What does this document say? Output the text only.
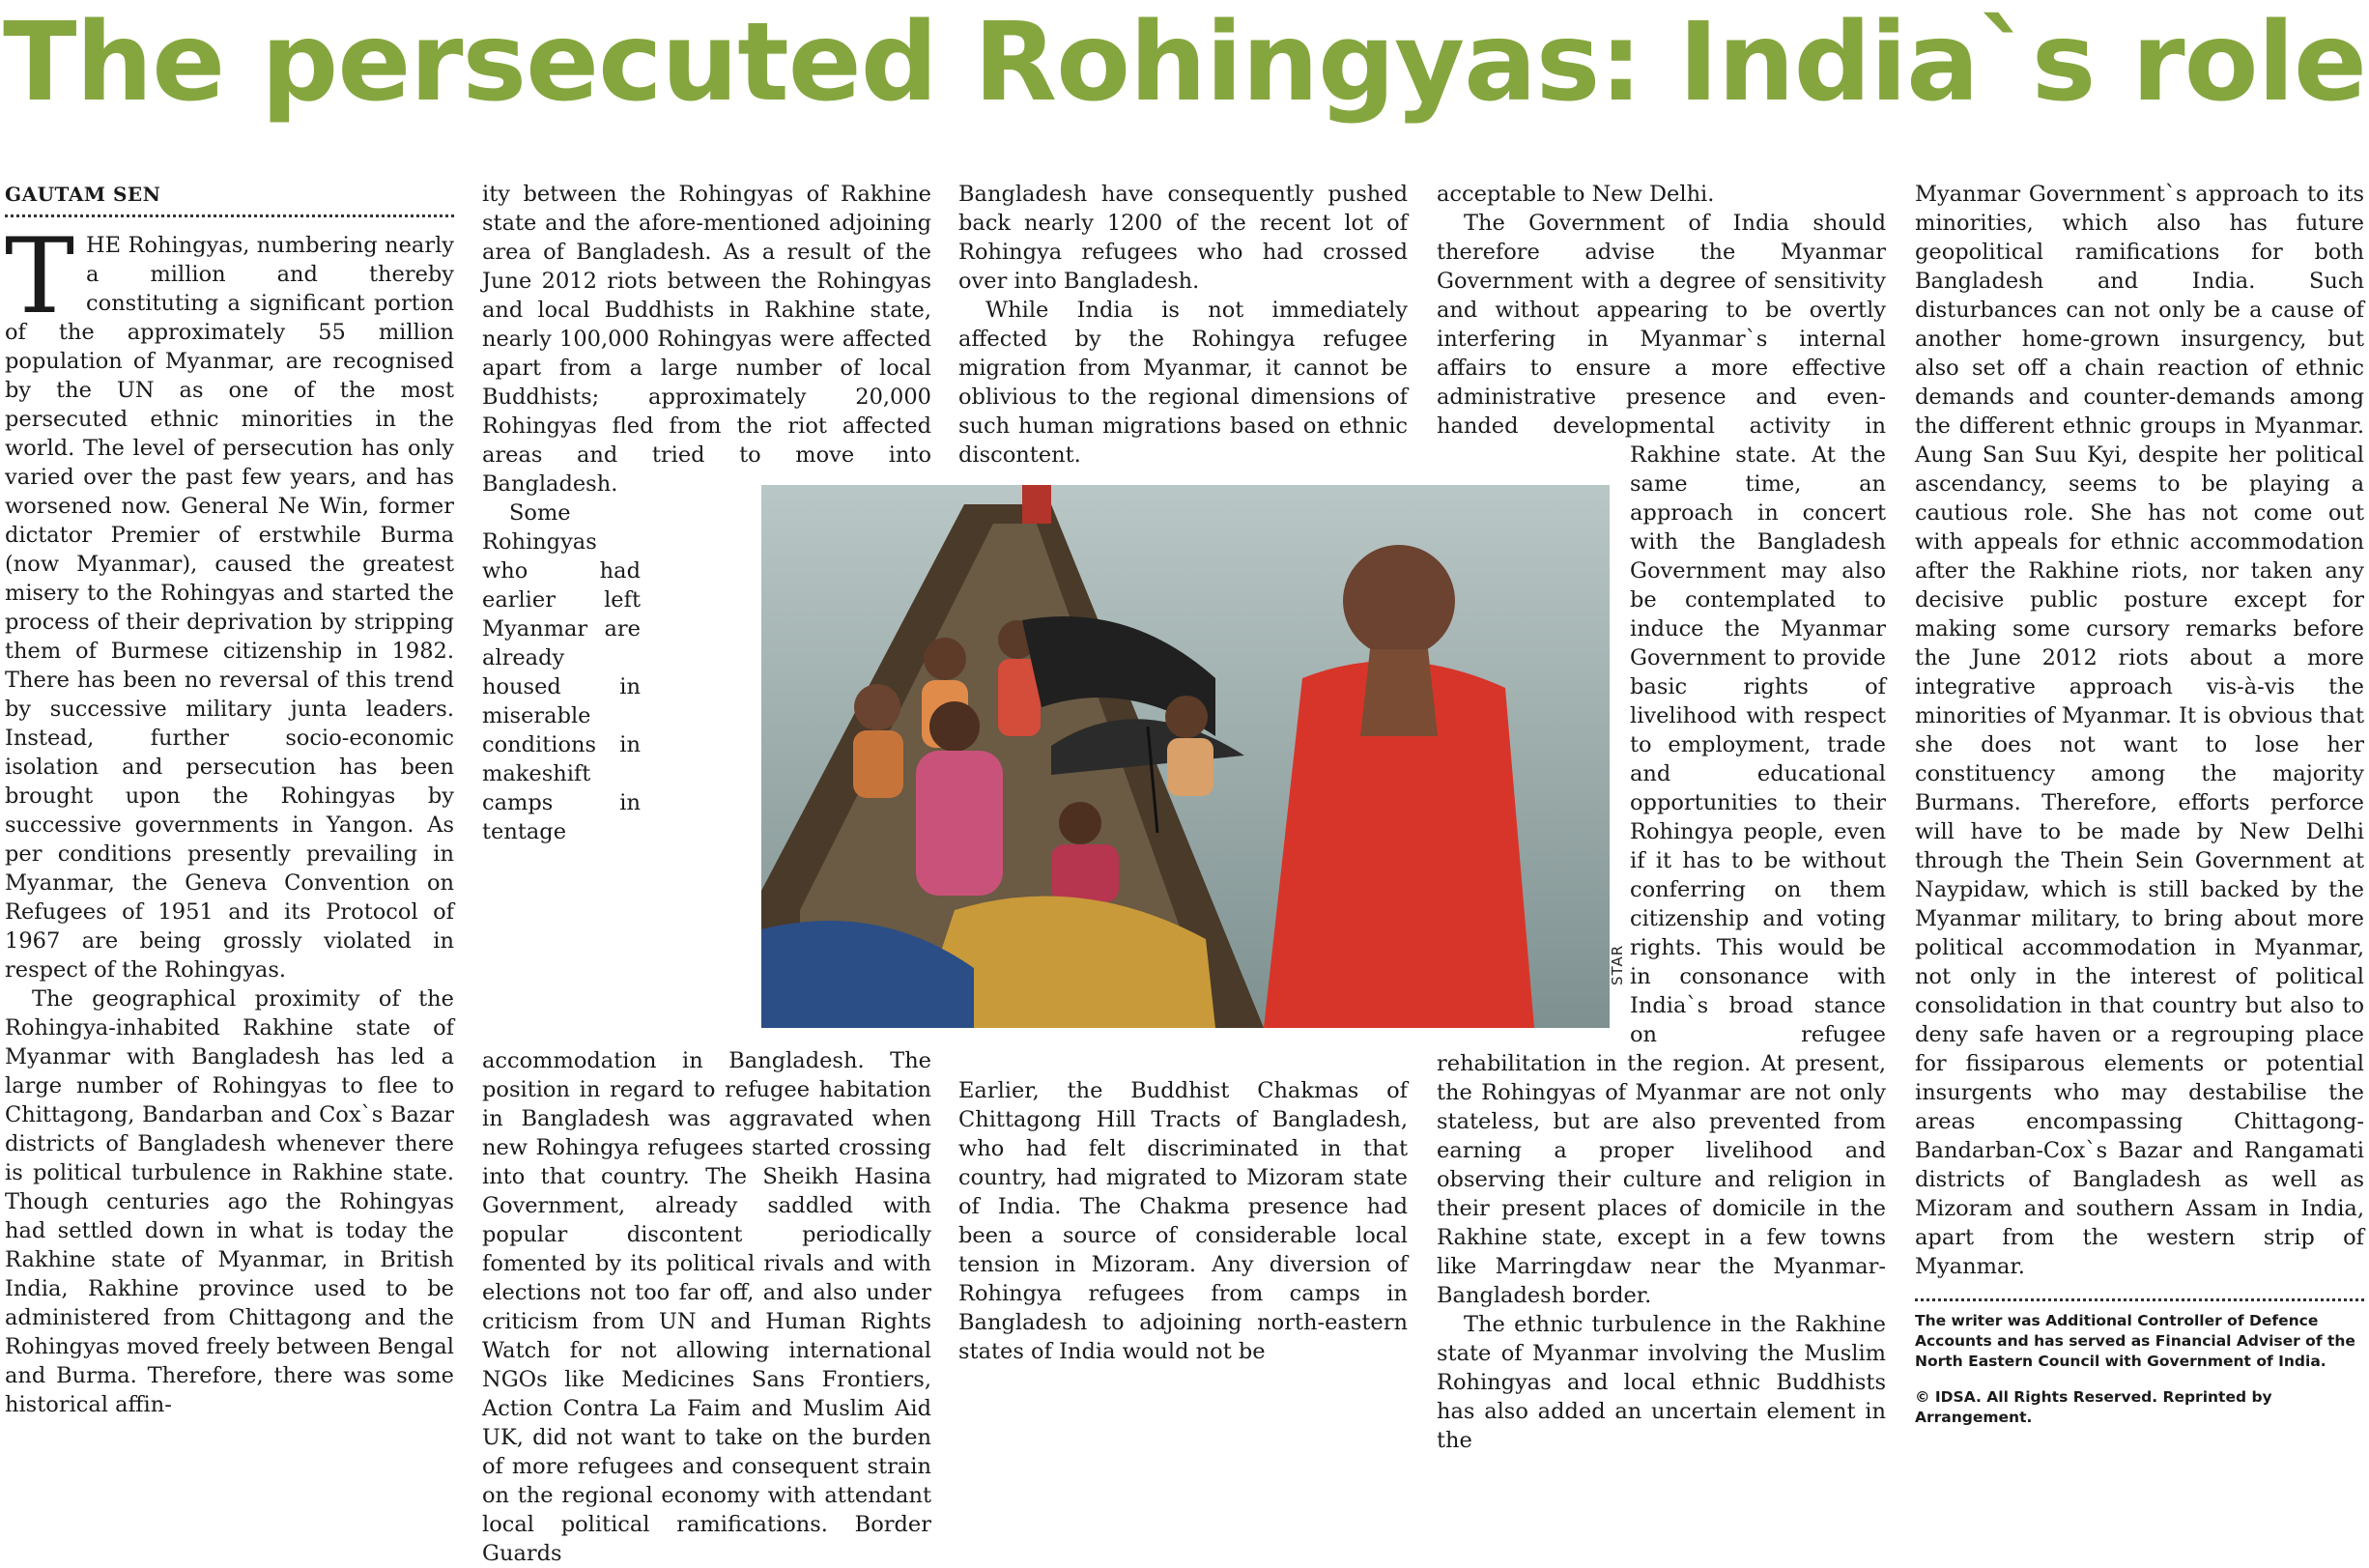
The persecuted Rohingyas: India`s role
GAUTAM SEN

THE Rohingyas, numbering nearly a million and thereby constituting a significant portion of the approximately 55 million population of Myanmar, are recognised by the UN as one of the most persecuted ethnic minorities in the world. The level of persecution has only varied over the past few years, and has worsened now. General Ne Win, former dictator Premier of erstwhile Burma (now Myanmar), caused the greatest misery to the Rohingyas and started the process of their deprivation by stripping them of Burmese citizenship in 1982. There has been no reversal of this trend by successive military junta leaders. Instead, further socio-economic isolation and persecution has been brought upon the Rohingyas by successive governments in Yangon. As per conditions presently prevailing in Myanmar, the Geneva Convention on Refugees of 1951 and its Protocol of 1967 are being grossly violated in respect of the Rohingyas.

The geographical proximity of the Rohingya-inhabited Rakhine state of Myanmar with Bangladesh has led a large number of Rohingyas to flee to Chittagong, Bandarban and Cox`s Bazar districts of Bangladesh whenever there is political turbulence in Rakhine state. Though centuries ago the Rohingyas had settled down in what is today the Rakhine state of Myanmar, in British India, Rakhine province used to be administered from Chittagong and the Rohingyas moved freely between Bengal and Burma. Therefore, there was some historical affin-

ity between the Rohingyas of Rakhine state and the afore-mentioned adjoining area of Bangladesh. As a result of the June 2012 riots between the Rohingyas and local Buddhists in Rakhine state, nearly 100,000 Rohingyas were affected apart from a large number of local Buddhists; approximately 20,000 Rohingyas fled from the riot affected areas and tried to move into Bangladesh.

Some Rohingyas who had earlier left Myanmar are already housed in miserable conditions in makeshift camps in tentage accommodation in Bangladesh. The position in regard to refugee habitation in Bangladesh was aggravated when new Rohingya refugees started crossing into that country. The Sheikh Hasina Government, already saddled with popular discontent periodically fomented by its political rivals and with elections not too far off, and also under criticism from UN and Human Rights Watch for not allowing international NGOs like Medicines Sans Frontiers, Action Contra La Faim and Muslim Aid UK, did not want to take on the burden of more refugees and consequent strain on the regional economy with attendant local political ramifications. Border Guards

Bangladesh have consequently pushed back nearly 1200 of the recent lot of Rohingya refugees who had crossed over into Bangladesh.

While India is not immediately affected by the Rohingya refugee migration from Myanmar, it cannot be oblivious to the regional dimensions of such human migrations based on ethnic discontent.

Earlier, the Buddhist Chakmas of Chittagong Hill Tracts of Bangladesh, who had felt discriminated in that country, had migrated to Mizoram state of India. The Chakma presence had been a source of considerable local tension in Mizoram. Any diversion of Rohingya refugees from camps in Bangladesh to adjoining north-eastern states of India would not be

acceptable to New Delhi.

The Government of India should therefore advise the Myanmar Government with a degree of sensitivity and without appearing to be overtly interfering in Myanmar`s internal affairs to ensure a more effective administrative presence and even-handed developmental activity in Rakhine state. At the same time, an approach in concert with the Bangladesh Government may also be contemplated to induce the Myanmar Government to provide basic rights of livelihood with respect to employment, trade and educational opportunities to their Rohingya people, even if it has to be without conferring on them citizenship and voting rights. This would be in consonance with India`s broad stance on refugee rehabilitation in the region. At present, the Rohingyas of Myanmar are not only stateless, but are also prevented from earning a proper livelihood and observing their culture and religion in their present places of domicile in the Rakhine state, except in a few towns like Marringdaw near the Myanmar-Bangladesh border.

The ethnic turbulence in the Rakhine state of Myanmar involving the Muslim Rohingyas and local ethnic Buddhists has also added an uncertain element in the

Myanmar Government`s approach to its minorities, which also has future geopolitical ramifications for both Bangladesh and India. Such disturbances can not only be a cause of another home-grown insurgency, but also set off a chain reaction of ethnic demands and counter-demands among the different ethnic groups in Myanmar. Aung San Suu Kyi, despite her political ascendancy, seems to be playing a cautious role. She has not come out with appeals for ethnic accommodation after the Rakhine riots, nor taken any decisive public posture except for making some cursory remarks before the June 2012 riots about a more integrative approach vis-à-vis the minorities of Myanmar. It is obvious that she does not want to lose her constituency among the majority Burmans. Therefore, efforts perforce will have to be made by New Delhi through the Thein Sein Government at Naypidaw, which is still backed by the Myanmar military, to bring about more political accommodation in Myanmar, not only in the interest of political consolidation in that country but also to deny safe haven or a regrouping place for fissiparous elements or potential insurgents who may destabilise the areas encompassing Chittagong-Bandarban-Cox`s Bazar and Rangamati districts of Bangladesh as well as Mizoram and southern Assam in India, apart from the western strip of Myanmar.

The writer was Additional Controller of Defence Accounts and has served as Financial Adviser of the North Eastern Council with Government of India.
© IDSA. All Rights Reserved. Reprinted by Arrangement.
STAR
